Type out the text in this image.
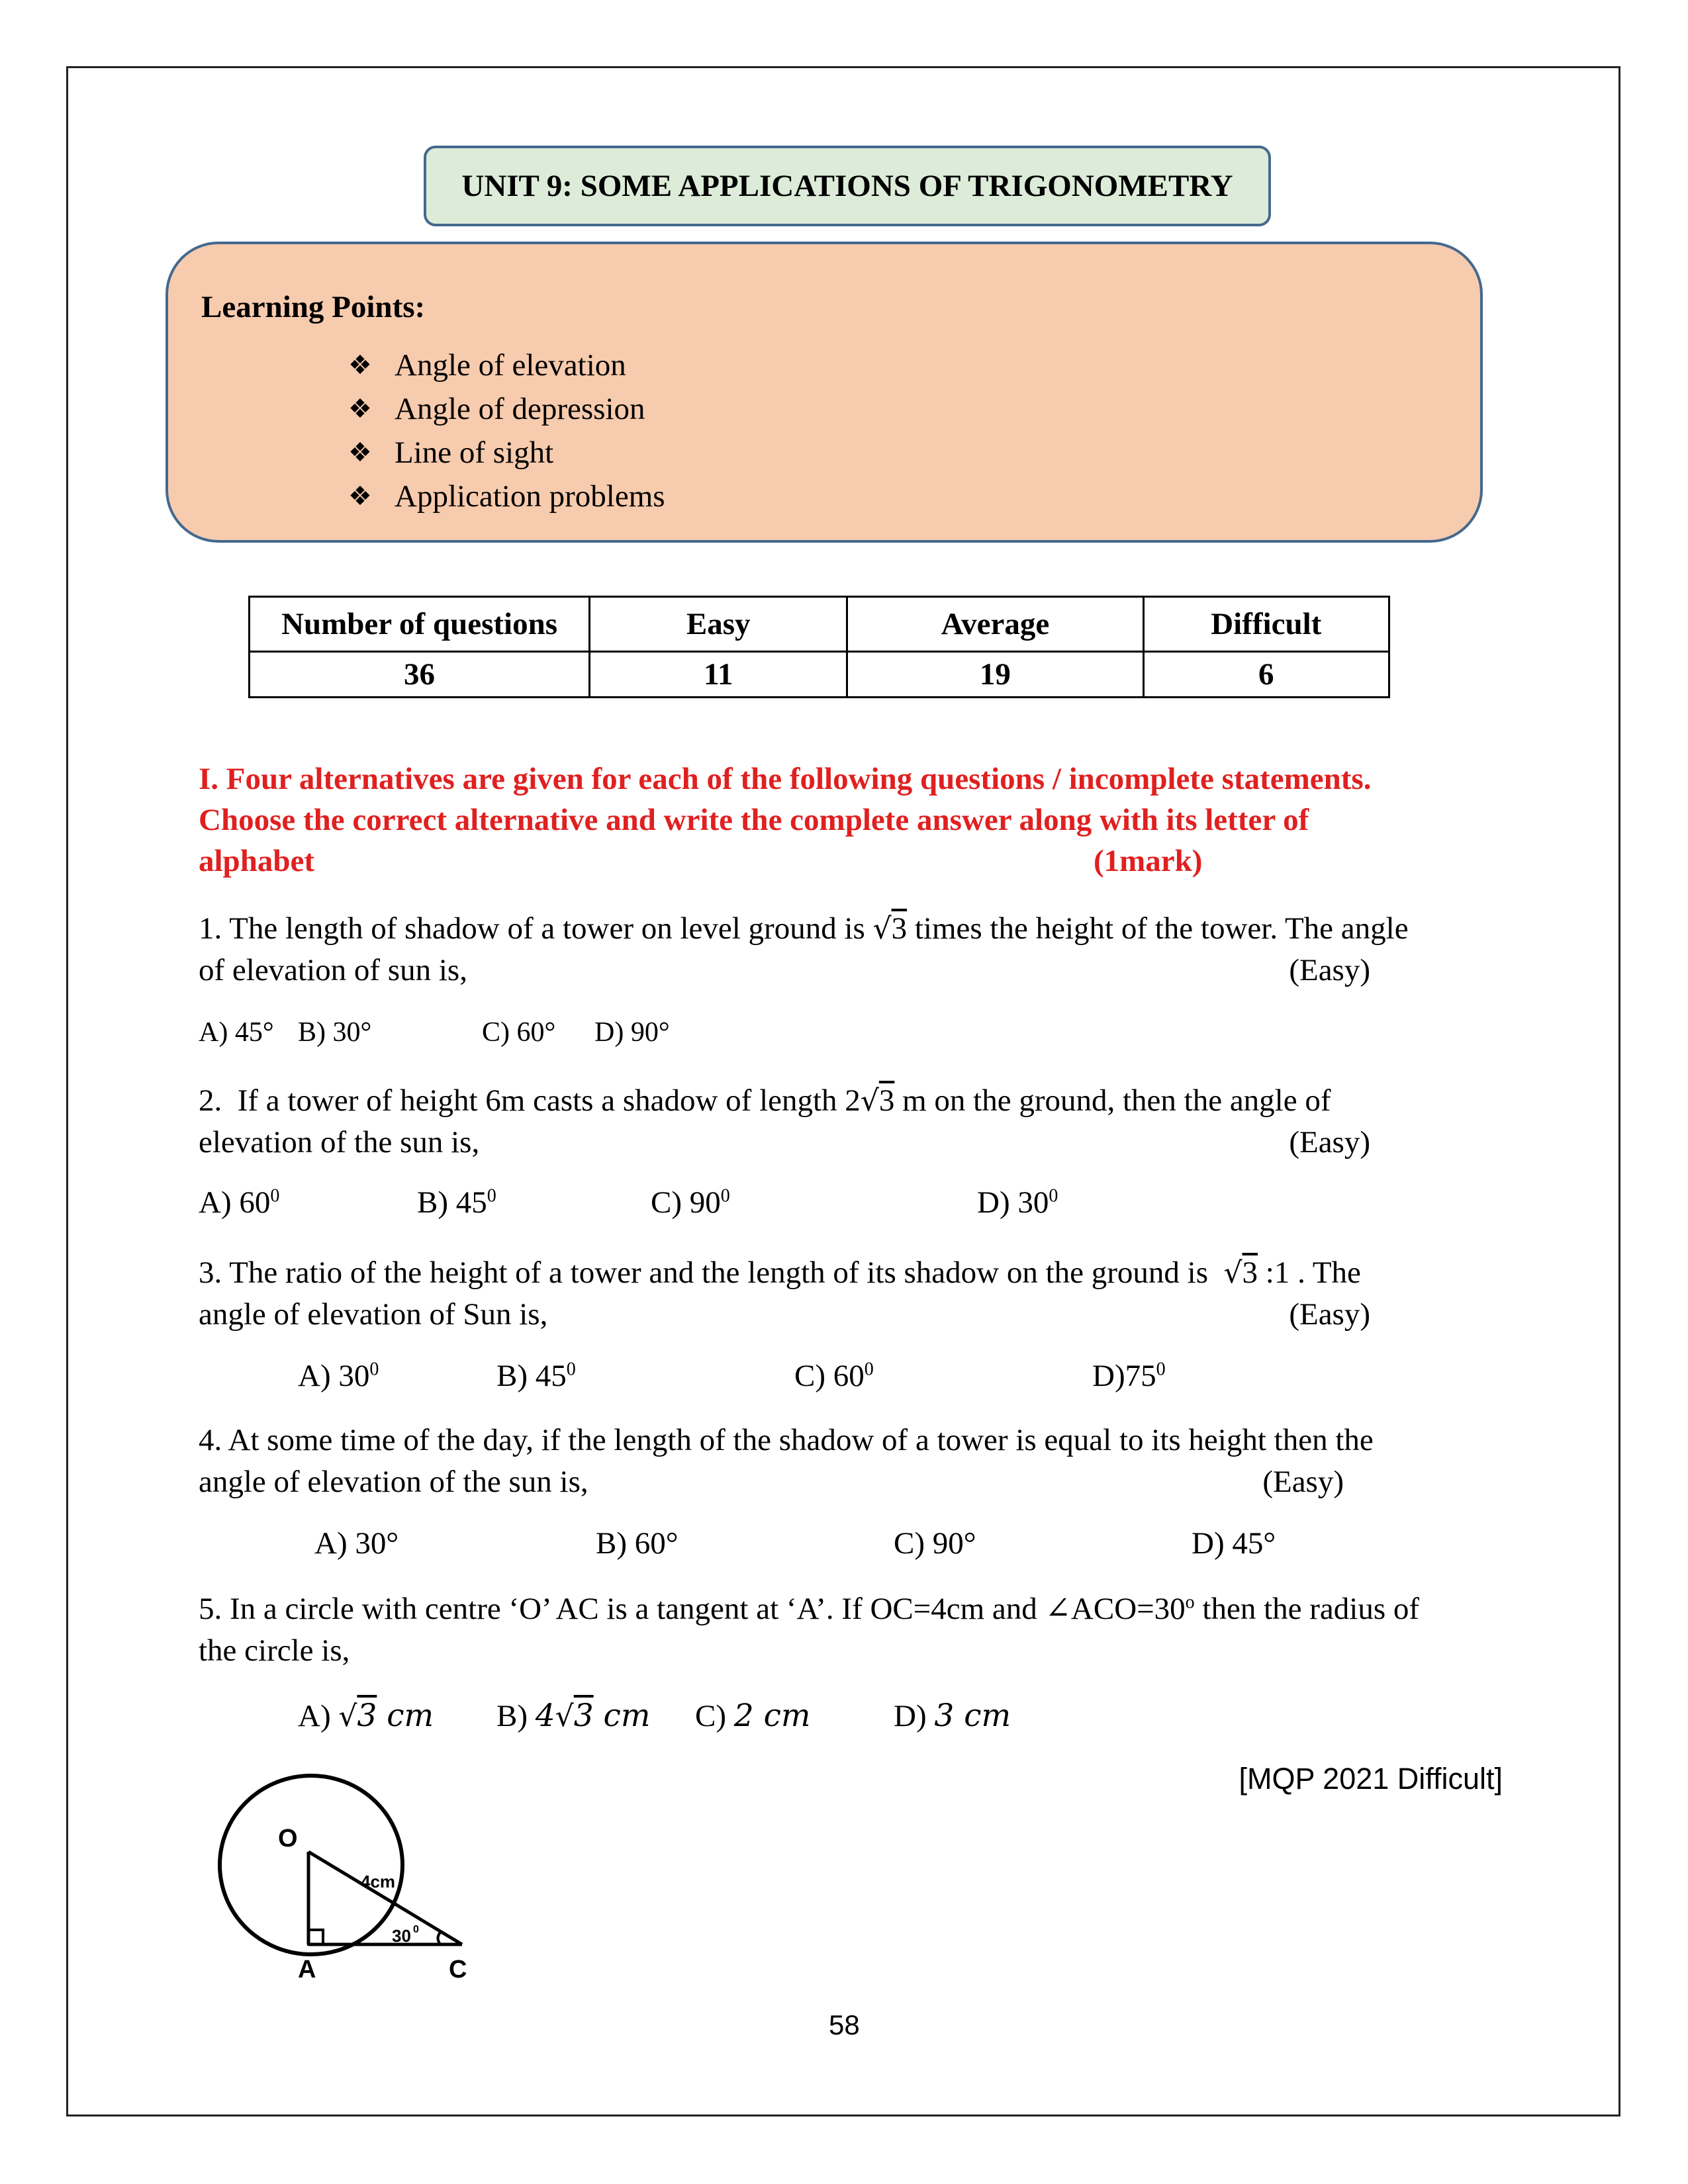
UNIT 9: SOME APPLICATIONS OF TRIGONOMETRY
Learning Points:
❖ Angle of elevation
❖ Angle of depression
❖ Line of sight
❖ Application problems
Number of questions	Easy	Average	Difficult
36	11	19	6
I. Four alternatives are given for each of the following questions / incomplete statements.
Choose the correct alternative and write the complete answer along with its letter of
alphabet	(1mark)
1. The length of shadow of a tower on level ground is √3 times the height of the tower. The angle
of elevation of sun is,	(Easy)
A) 45° B) 30°	C) 60° D) 90°
2.  If a tower of height 6m casts a shadow of length 2√3 m on the ground, then the angle of
elevation of the sun is,	(Easy)
A) $60^0$	B) $45^0$	C) $90^0$	D) $30^0$
3. The ratio of the height of a tower and the length of its shadow on the ground is  √3 :1 . The
angle of elevation of Sun is,	(Easy)
A) $30^0$	B) $45^0$	C) $60^0$	$D)75^0$
4. At some time of the day, if the length of the shadow of a tower is equal to its height then the
angle of elevation of the sun is,	(Easy)
A) 30°	B) 60°	C) 90°	D) 45°
5. In a circle with centre ‘O’ AC is a tangent at ‘A’. If OC=4cm and $\angle ACO=30^o$ then the radius of
the circle is,
A) √3 cm B) 4√3 cm C) 2 cm	D) 3 cm
[MQP 2021 Difficult]
O
A	C
4cm
30 0
58
